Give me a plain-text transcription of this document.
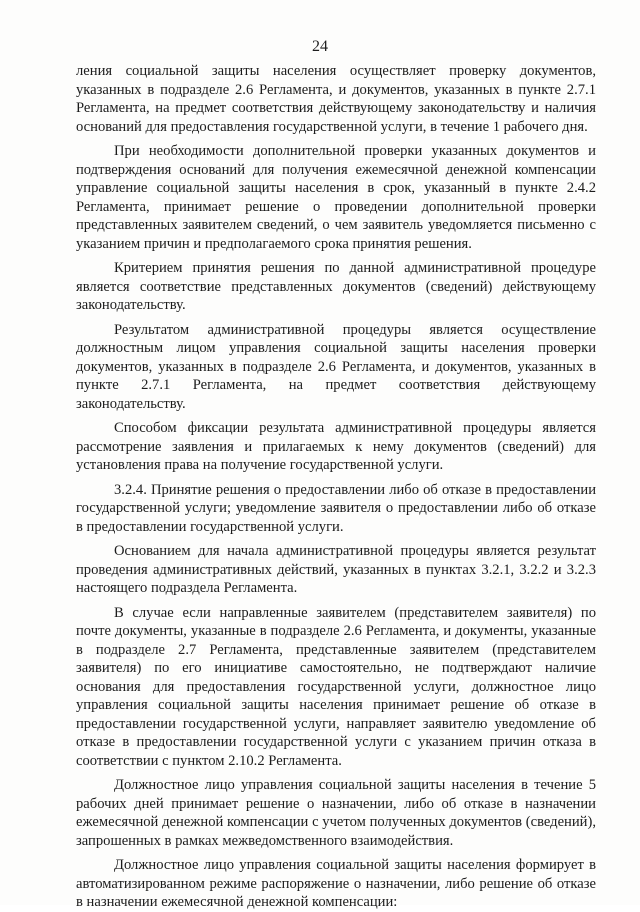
24

ления социальной защиты населения осуществляет проверку документов, указанных в подразделе 2.6 Регламента, и документов, указанных в пункте 2.7.1 Регламента, на предмет соответствия действующему законодательству и наличия оснований для предоставления государственной услуги, в течение 1 рабочего дня.

При необходимости дополнительной проверки указанных документов и подтверждения оснований для получения ежемесячной денежной компенсации управление социальной защиты населения в срок, указанный в пункте 2.4.2 Регламента, принимает решение о проведении дополнительной проверки представленных заявителем сведений, о чем заявитель уведомляется письменно с указанием причин и предполагаемого срока принятия решения.

Критерием принятия решения по данной административной процедуре является соответствие представленных документов (сведений) действующему законодательству.

Результатом административной процедуры является осуществление должностным лицом управления социальной защиты населения проверки документов, указанных в подразделе 2.6 Регламента, и документов, указанных в пункте 2.7.1 Регламента, на предмет соответствия действующему законодательству.

Способом фиксации результата административной процедуры является рассмотрение заявления и прилагаемых к нему документов (сведений) для установления права на получение государственной услуги.

3.2.4. Принятие решения о предоставлении либо об отказе в предоставлении государственной услуги; уведомление заявителя о предоставлении либо об отказе в предоставлении государственной услуги.

Основанием для начала административной процедуры является результат проведения административных действий, указанных в пунктах 3.2.1, 3.2.2 и 3.2.3 настоящего подраздела Регламента.

В случае если направленные заявителем (представителем заявителя) по почте документы, указанные в подразделе 2.6 Регламента, и документы, указанные в подразделе 2.7 Регламента, представленные заявителем (представителем заявителя) по его инициативе самостоятельно, не подтверждают наличие основания для предоставления государственной услуги, должностное лицо управления социальной защиты населения принимает решение об отказе в предоставлении государственной услуги, направляет заявителю уведомление об отказе в предоставлении государственной услуги с указанием причин отказа в соответствии с пунктом 2.10.2 Регламента.

Должностное лицо управления социальной защиты населения в течение 5 рабочих дней принимает решение о назначении, либо об отказе в назначении ежемесячной денежной компенсации с учетом полученных документов (сведений), запрошенных в рамках межведомственного взаимодействия.

Должностное лицо управления социальной защиты населения формирует в автоматизированном режиме распоряжение о назначении, либо решение об отказе в назначении ежемесячной денежной компенсации:
